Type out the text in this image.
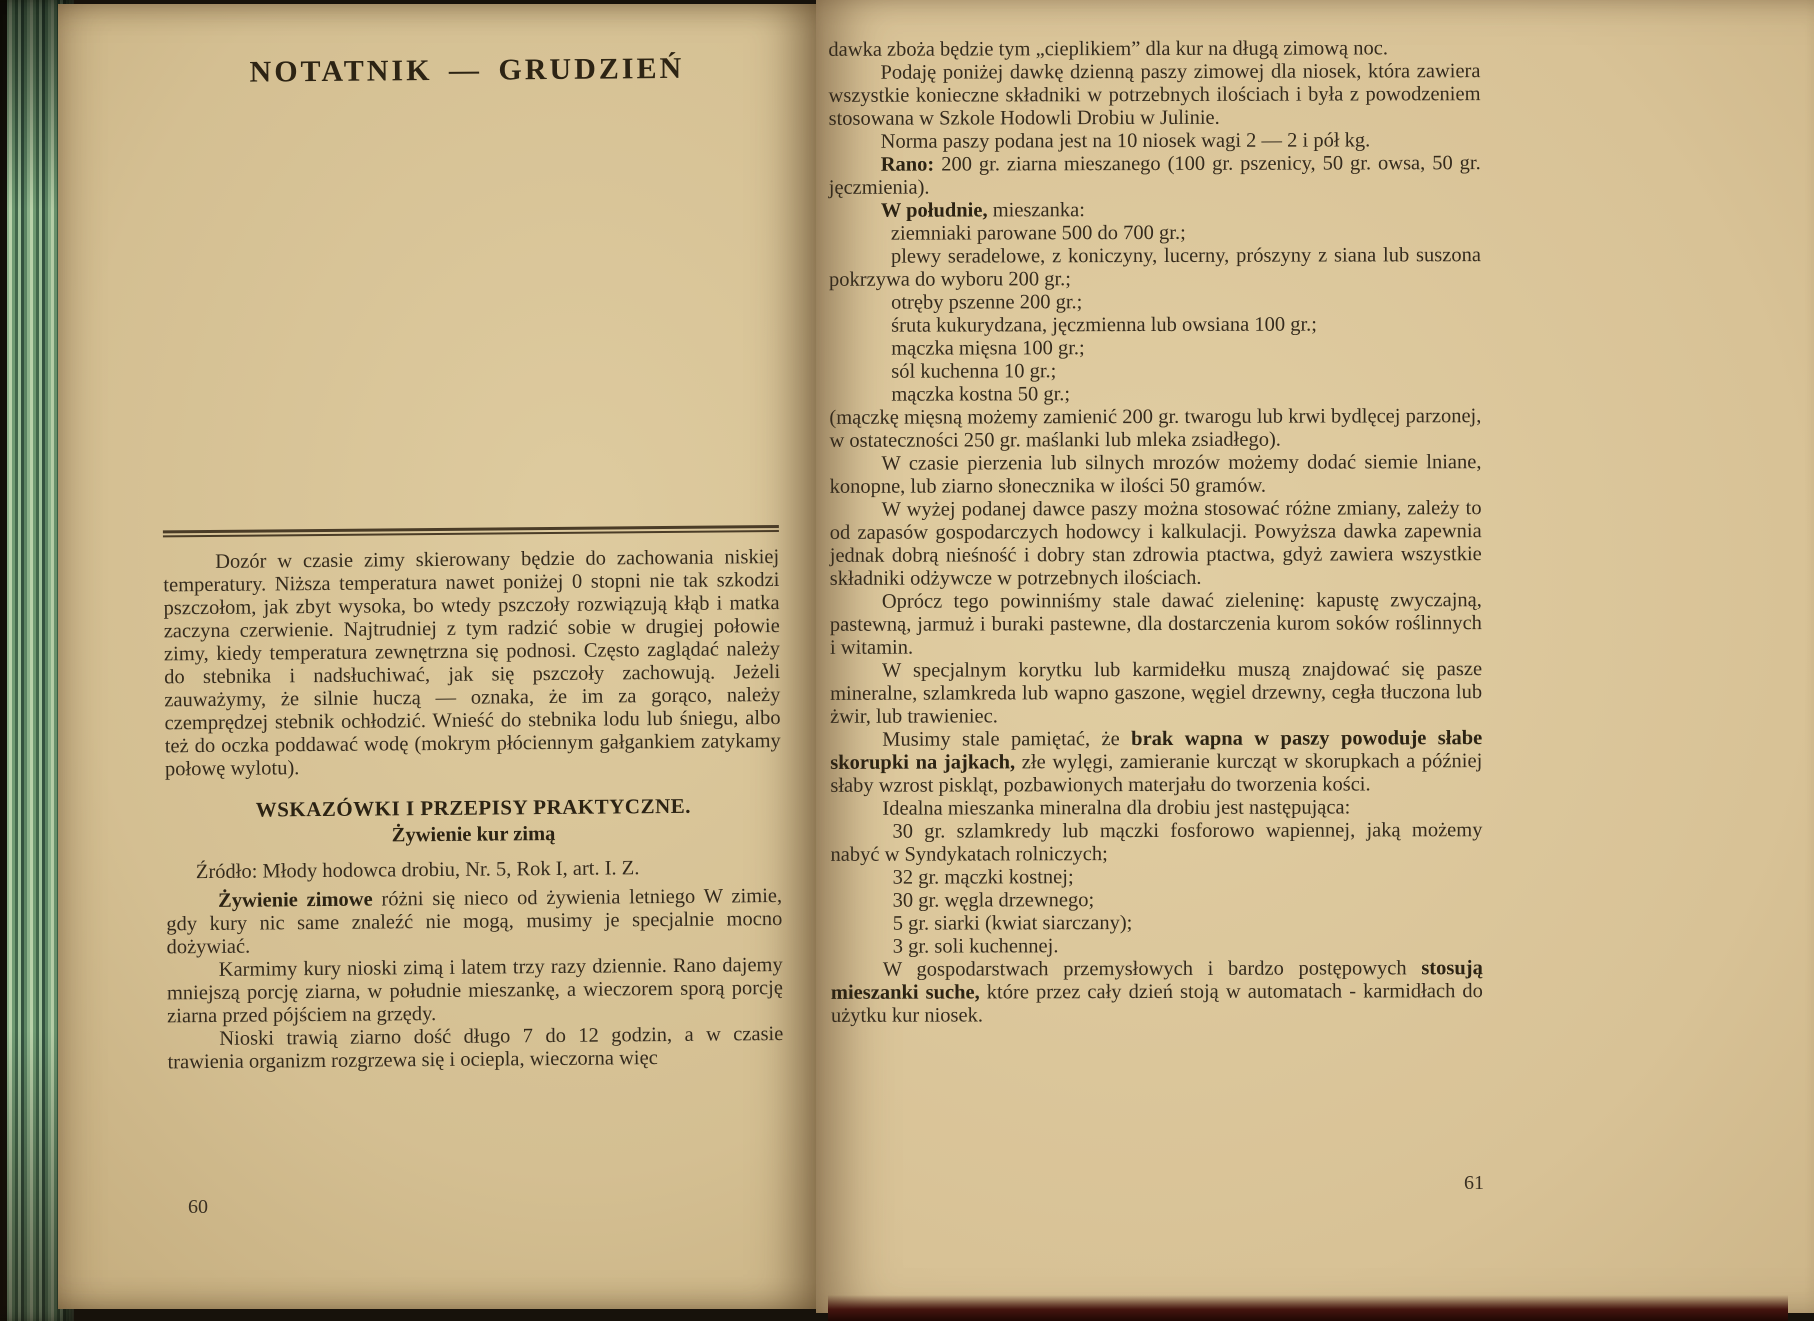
NOTATNIK — GRUDZIEŃ

Dozór w czasie zimy skierowany będzie do zachowania niskiej temperatury. Niższa temperatura nawet poniżej 0 stopni nie tak szkodzi pszczołom, jak zbyt wysoka, bo wtedy pszczoły rozwiązują kłąb i matka zaczyna czerwienie. Najtrudniej z tym radzić sobie w drugiej połowie zimy, kiedy temperatura zewnętrzna się podnosi. Często zaglądać należy do stebnika i nadsłuchiwać, jak się pszczoły zachowują. Jeżeli zauważymy, że silnie huczą — oznaka, że im za gorąco, należy czemprędzej stebnik ochłodzić. Wnieść do stebnika lodu lub śniegu, albo też do oczka poddawać wodę (mokrym płóciennym gałgankiem zatykamy połowę wylotu).

WSKAZÓWKI I PRZEPISY PRAKTYCZNE.

Żywienie kur zimą

Źródło: Młody hodowca drobiu, Nr. 5, Rok I, art. I. Z.

Żywienie zimowe różni się nieco od żywienia letniego W zimie, gdy kury nic same znaleźć nie mogą, musimy je specjalnie mocno dożywiać.

Karmimy kury nioski zimą i latem trzy razy dziennie. Rano dajemy mniejszą porcję ziarna, w południe mieszankę, a wieczorem sporą porcję ziarna przed pójściem na grzędy.

Nioski trawią ziarno dość długo 7 do 12 godzin, a w czasie trawienia organizm rozgrzewa się i ociepla, wieczorna więc

60

dawka zboża będzie tym „cieplikiem” dla kur na długą zimową noc.

Podaję poniżej dawkę dzienną paszy zimowej dla niosek, która zawiera wszystkie konieczne składniki w potrzebnych ilościach i była z powodzeniem stosowana w Szkole Hodowli Drobiu w Julinie.

Norma paszy podana jest na 10 niosek wagi 2 — 2 i pół kg.

Rano: 200 gr. ziarna mieszanego (100 gr. pszenicy, 50 gr. owsa, 50 gr. jęczmienia).

W południe, mieszanka:

ziemniaki parowane 500 do 700 gr.;

plewy seradelowe, z koniczyny, lucerny, prószyny z siana lub suszona pokrzywa do wyboru 200 gr.;

otręby pszenne 200 gr.;

śruta kukurydzana, jęczmienna lub owsiana 100 gr.;

mączka mięsna 100 gr.;

sól kuchenna 10 gr.;

mączka kostna 50 gr.;

(mączkę mięsną możemy zamienić 200 gr. twarogu lub krwi bydlęcej parzonej, w ostateczności 250 gr. maślanki lub mleka zsiadłego).

W czasie pierzenia lub silnych mrozów możemy dodać siemie lniane, konopne, lub ziarno słonecznika w ilości 50 gramów.

W wyżej podanej dawce paszy można stosować różne zmiany, zależy to od zapasów gospodarczych hodowcy i kalkulacji. Powyższa dawka zapewnia jednak dobrą nieśność i dobry stan zdrowia ptactwa, gdyż zawiera wszystkie składniki odżywcze w potrzebnych ilościach.

Oprócz tego powinniśmy stale dawać zieleninę: kapustę zwyczajną, pastewną, jarmuż i buraki pastewne, dla dostarczenia kurom soków roślinnych i witamin.

W specjalnym korytku lub karmidełku muszą znajdować się pasze mineralne, szlamkreda lub wapno gaszone, węgiel drzewny, cegła tłuczona lub żwir, lub trawieniec.

Musimy stale pamiętać, że brak wapna w paszy powoduje słabe skorupki na jajkach, złe wylęgi, zamieranie kurcząt w skorupkach a później słaby wzrost piskląt, pozbawionych materjału do tworzenia kości.

Idealna mieszanka mineralna dla drobiu jest następująca:

30 gr. szlamkredy lub mączki fosforowo wapiennej, jaką możemy nabyć w Syndykatach rolniczych;

32 gr. mączki kostnej;

30 gr. węgla drzewnego;

5 gr. siarki (kwiat siarczany);

3 gr. soli kuchennej.

W gospodarstwach przemysłowych i bardzo postępowych stosują mieszanki suche, które przez cały dzień stoją w automatach - karmidłach do użytku kur niosek.

61
